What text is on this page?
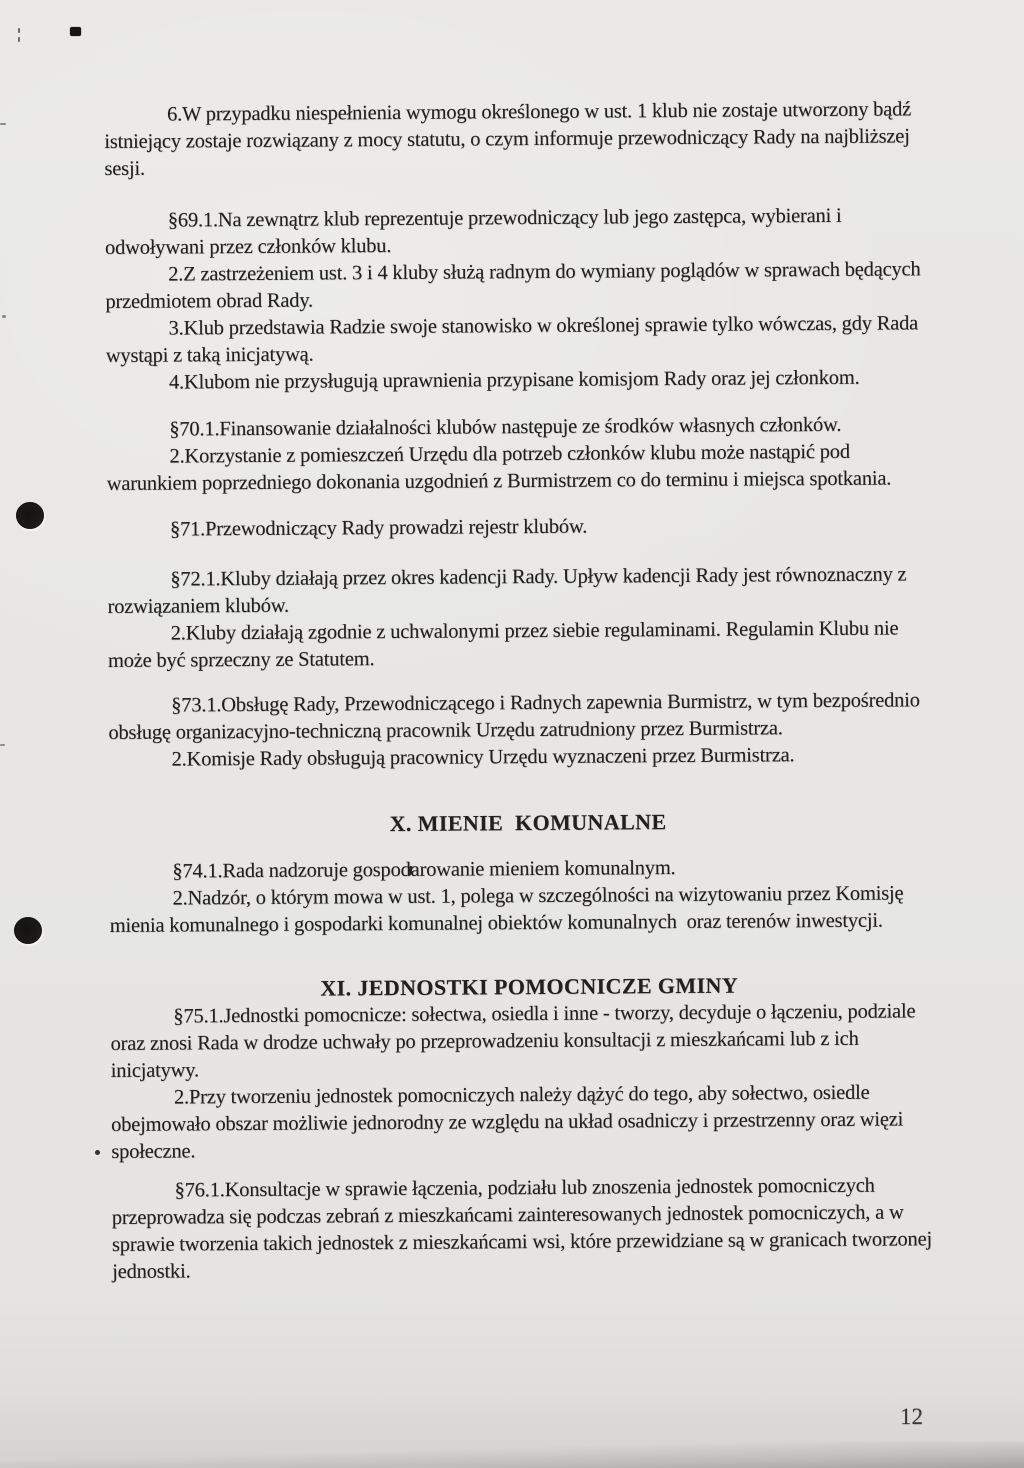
6.W przypadku niespełnienia wymogu określonego w ust. 1 klub nie zostaje utworzony bądź istniejący zostaje rozwiązany z mocy statutu, o czym informuje przewodniczący Rady na najbliższej sesji.

§69.1.Na zewnątrz klub reprezentuje przewodniczący lub jego zastępca, wybierani i odwoływani przez członków klubu.

2.Z zastrzeżeniem ust. 3 i 4 kluby służą radnym do wymiany poglądów w sprawach będących przedmiotem obrad Rady.

3.Klub przedstawia Radzie swoje stanowisko w określonej sprawie tylko wówczas, gdy Rada wystąpi z taką inicjatywą.

4.Klubom nie przysługują uprawnienia przypisane komisjom Rady oraz jej członkom.

§70.1.Finansowanie działalności klubów następuje ze środków własnych członków.

2.Korzystanie z pomieszczeń Urzędu dla potrzeb członków klubu może nastąpić pod warunkiem poprzedniego dokonania uzgodnień z Burmistrzem co do terminu i miejsca spotkania.

§71.Przewodniczący Rady prowadzi rejestr klubów.

§72.1.Kluby działają przez okres kadencji Rady. Upływ kadencji Rady jest równoznaczny z rozwiązaniem klubów.

2.Kluby działają zgodnie z uchwalonymi przez siebie regulaminami. Regulamin Klubu nie może być sprzeczny ze Statutem.

§73.1.Obsługę Rady, Przewodniczącego i Radnych zapewnia Burmistrz, w tym bezpośrednio obsługę organizacyjno-techniczną pracownik Urzędu zatrudniony przez Burmistrza.

2.Komisje Rady obsługują pracownicy Urzędu wyznaczeni przez Burmistrza.

X. MIENIE  KOMUNALNE

§74.1.Rada nadzoruje gospodarowanie mieniem komunalnym.

2.Nadzór, o którym mowa w ust. 1, polega w szczególności na wizytowaniu przez Komisję mienia komunalnego i gospodarki komunalnej obiektów komunalnych  oraz terenów inwestycji.

XI. JEDNOSTKI POMOCNICZE GMINY

§75.1.Jednostki pomocnicze: sołectwa, osiedla i inne - tworzy, decyduje o łączeniu, podziale oraz znosi Rada w drodze uchwały po przeprowadzeniu konsultacji z mieszkańcami lub z ich inicjatywy.

2.Przy tworzeniu jednostek pomocniczych należy dążyć do tego, aby sołectwo, osiedle obejmowało obszar możliwie jednorodny ze względu na układ osadniczy i przestrzenny oraz więzi społeczne.

§76.1.Konsultacje w sprawie łączenia, podziału lub znoszenia jednostek pomocniczych przeprowadza się podczas zebrań z mieszkańcami zainteresowanych jednostek pomocniczych, a w sprawie tworzenia takich jednostek z mieszkańcami wsi, które przewidziane są w granicach tworzonej jednostki.

12
